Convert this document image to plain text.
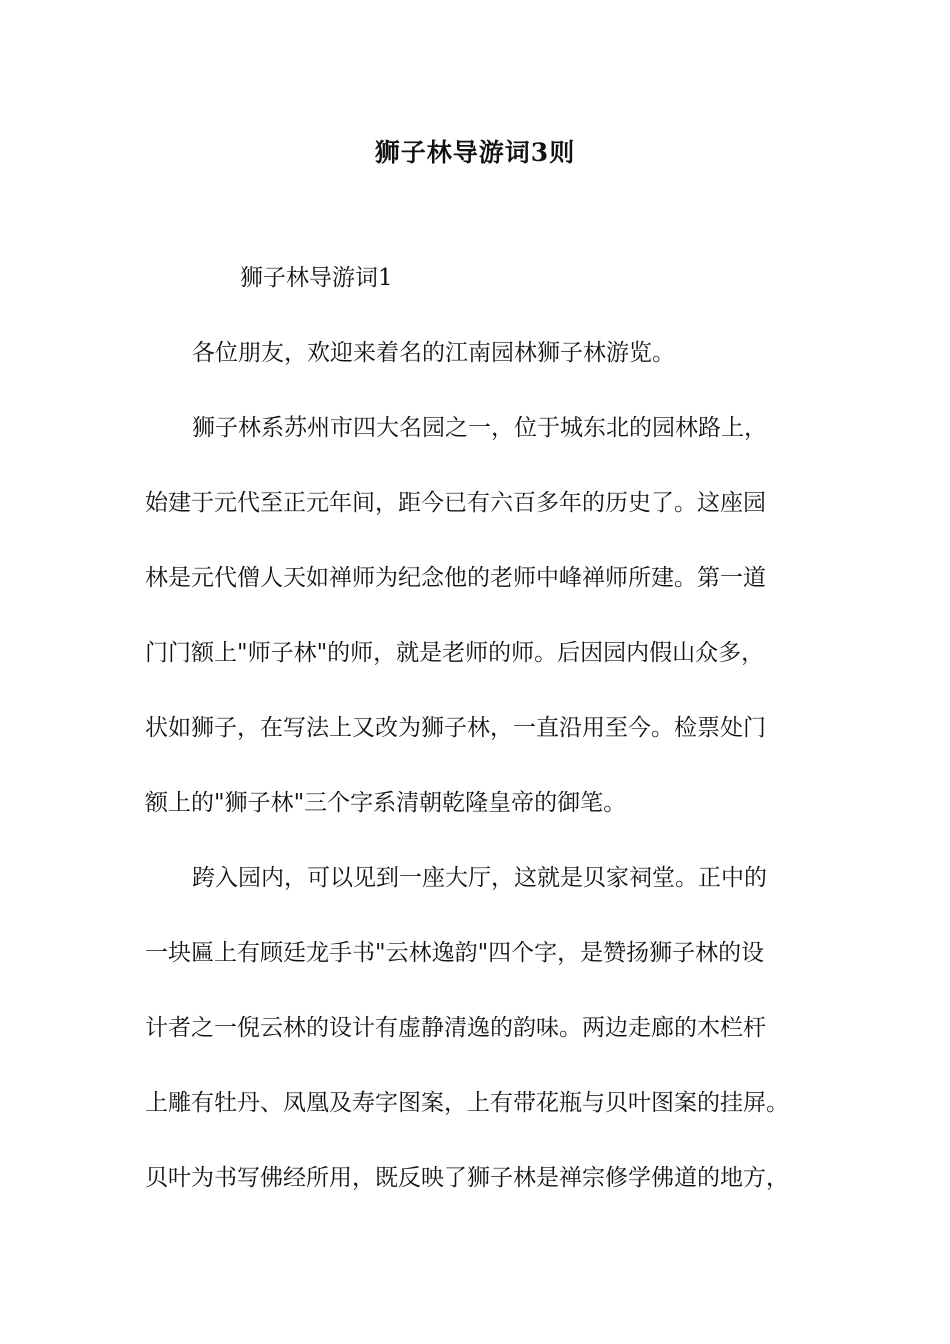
狮子林导游词3则
狮子林导游词1
各位朋友，欢迎来着名的江南园林狮子林游览。
狮子林系苏州市四大名园之一，位于城东北的园林路上，
始建于元代至正元年间，距今已有六百多年的历史了。这座园
林是元代僧人天如禅师为纪念他的老师中峰禅师所建。第一道
门门额上"师子林"的师，就是老师的师。后因园内假山众多，
状如狮子，在写法上又改为狮子林，一直沿用至今。检票处门
额上的"狮子林"三个字系清朝乾隆皇帝的御笔。
跨入园内，可以见到一座大厅，这就是贝家祠堂。正中的
一块匾上有顾廷龙手书"云林逸韵"四个字，是赞扬狮子林的设
计者之一倪云林的设计有虚静清逸的韵味。两边走廊的木栏杆
上雕有牡丹、凤凰及寿字图案，上有带花瓶与贝叶图案的挂屏。
贝叶为书写佛经所用，既反映了狮子林是禅宗修学佛道的地方，
